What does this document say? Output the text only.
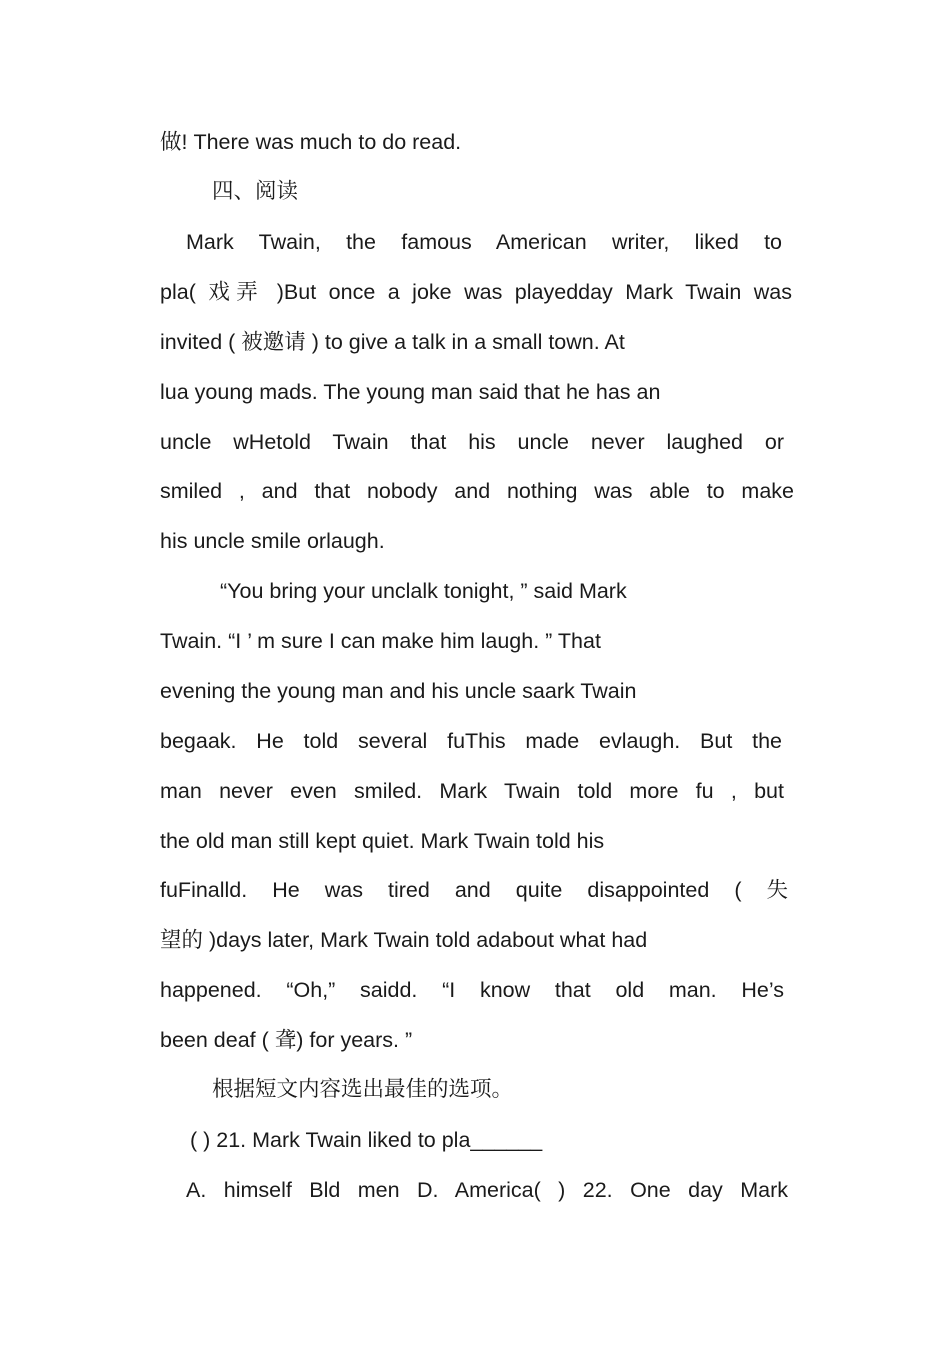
做! There was much to do read.
四、阅读
Mark Twain, the famous American writer, liked to
pla( 戏弄 )But once a joke was playedday Mark Twain was
invited ( 被邀请 ) to give a talk in a small town. At
lua young mads. The young man said that he has an
uncle wHetold Twain that his uncle never laughed or
smiled , and that nobody and nothing was able to make
his uncle smile orlaugh.
“You bring your unclalk tonight, ” said Mark
Twain. “I ’ m sure I can make him laugh. ” That
evening the young man and his uncle saark Twain
begaak. He told several fuThis made evlaugh. But the
man never even smiled. Mark Twain told more fu , but
the old man still kept quiet. Mark Twain told his
fuFinalld. He was tired and quite disappointed ( 失
望的 )days later, Mark Twain told adabout what had
happened. “Oh,” saidd. “I know that old man. He’s
been deaf ( 聋) for years. ”
根据短文内容选出最佳的选项。
( ) 21. Mark Twain liked to pla______
A. himself Bld men D. America( ) 22. One day Mark
